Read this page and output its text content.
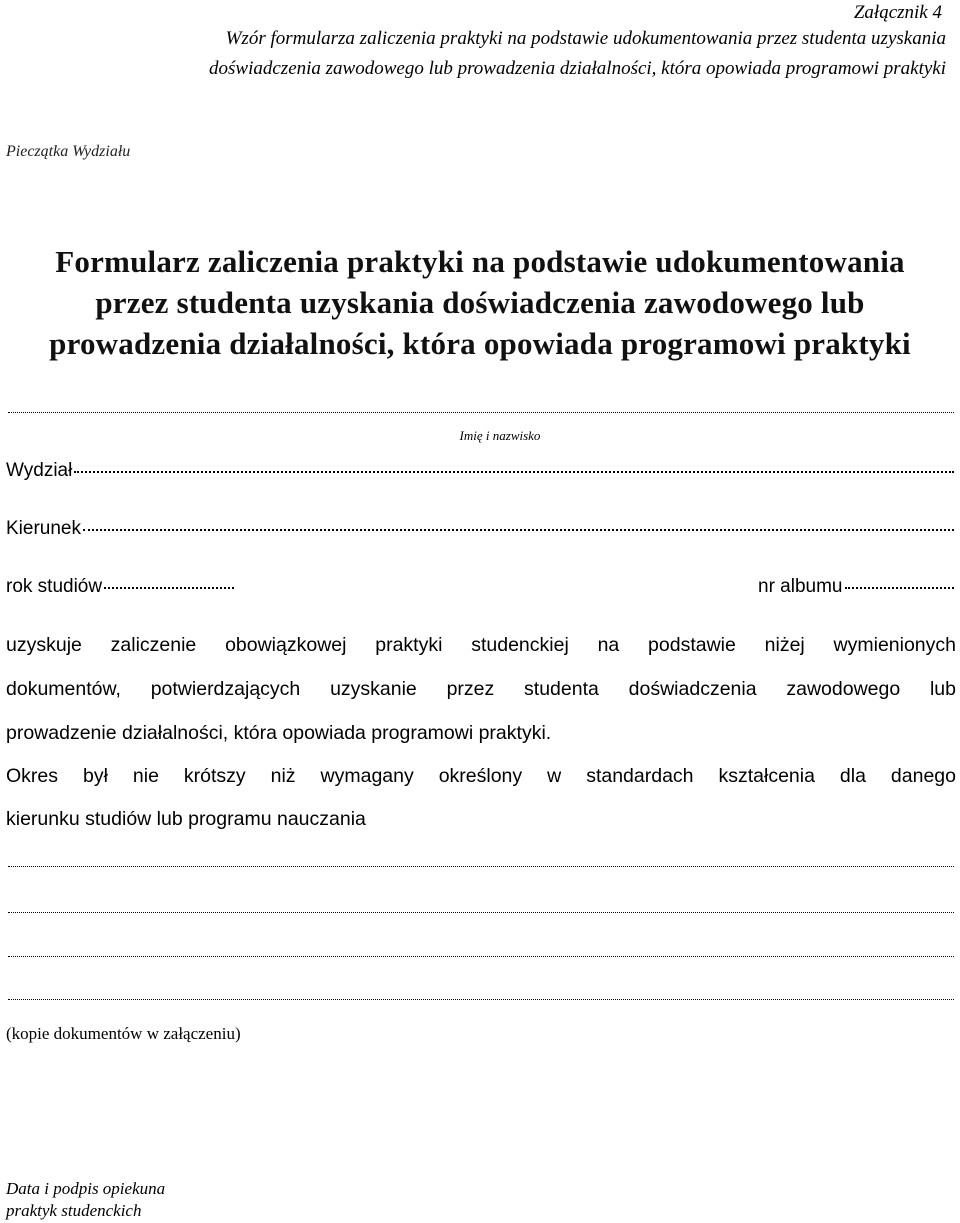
Załącznik 4

Wzór formularza zaliczenia praktyki na podstawie udokumentowania przez studenta uzyskania
doświadczenia zawodowego lub prowadzenia działalności, która opowiada programowi praktyki

Pieczątka Wydziału

Formularz zaliczenia praktyki na podstawie udokumentowania
przez studenta uzyskania doświadczenia zawodowego lub
prowadzenia działalności, która opowiada programowi praktyki

Imię i nazwisko

Wydział
Kierunek
rok studiów	nr albumu

uzyskuje zaliczenie obowiązkowej praktyki studenckiej na podstawie niżej wymienionych

dokumentów, potwierdzających uzyskanie przez studenta doświadczenia zawodowego lub

prowadzenie działalności, która opowiada programowi praktyki.

Okres był nie krótszy niż wymagany określony w standardach kształcenia dla danego

kierunku studiów lub programu nauczania

(kopie dokumentów w załączeniu)

Data i podpis opiekuna
praktyk studenckich
